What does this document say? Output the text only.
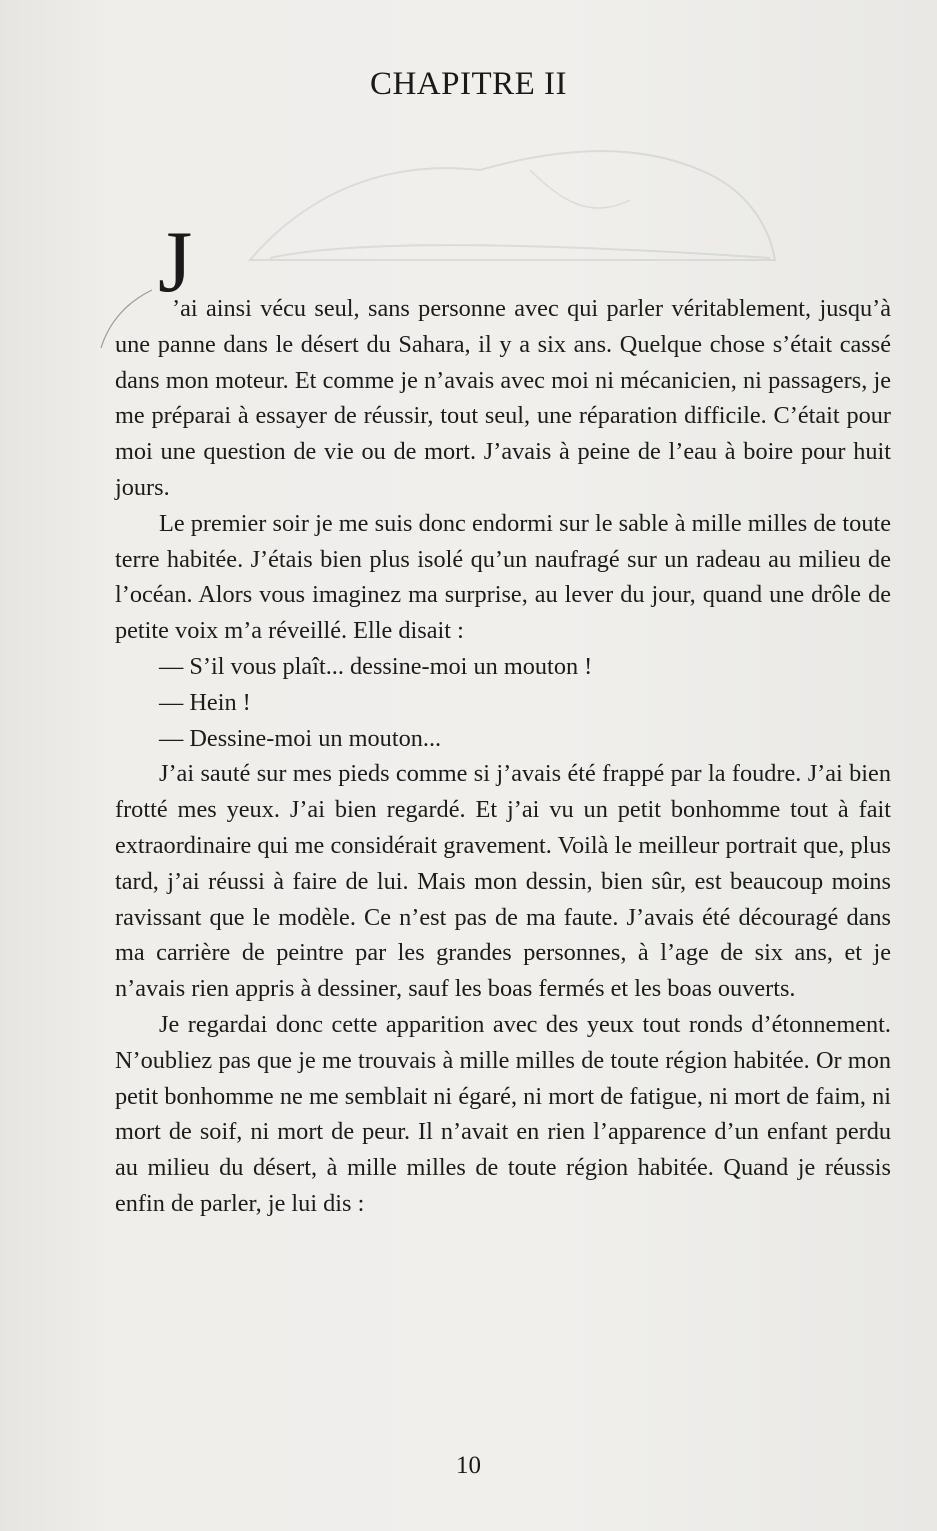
CHAPITRE II

J
’ai ainsi vécu seul, sans personne avec qui parler véritablement, jusqu’à une panne dans le désert du Sahara, il y a six ans. Quelque chose s’était cassé dans mon moteur. Et comme je n’avais avec moi ni mécanicien, ni passagers, je me préparai à essayer de réussir, tout seul, une réparation difficile. C’était pour moi une question de vie ou de mort. J’avais à peine de l’eau à boire pour huit jours.

Le premier soir je me suis donc endormi sur le sable à mille milles de toute terre habitée. J’étais bien plus isolé qu’un naufragé sur un radeau au milieu de l’océan. Alors vous imaginez ma surprise, au lever du jour, quand une drôle de petite voix m’a réveillé. Elle disait :

— S’il vous plaît... dessine-moi un mouton !

— Hein !

— Dessine-moi un mouton...

J’ai sauté sur mes pieds comme si j’avais été frappé par la foudre. J’ai bien frotté mes yeux. J’ai bien regardé. Et j’ai vu un petit bonhomme tout à fait extraordinaire qui me considérait gravement. Voilà le meilleur portrait que, plus tard, j’ai réussi à faire de lui. Mais mon dessin, bien sûr, est beaucoup moins ravissant que le modèle. Ce n’est pas de ma faute. J’avais été découragé dans ma carrière de peintre par les grandes personnes, à l’age de six ans, et je n’avais rien appris à dessiner, sauf les boas fermés et les boas ouverts.

Je regardai donc cette apparition avec des yeux tout ronds d’étonnement. N’oubliez pas que je me trouvais à mille milles de toute région habitée. Or mon petit bonhomme ne me semblait ni égaré, ni mort de fatigue, ni mort de faim, ni mort de soif, ni mort de peur. Il n’avait en rien l’apparence d’un enfant perdu au milieu du désert, à mille milles de toute région habitée. Quand je réussis enfin de parler, je lui dis :

10
